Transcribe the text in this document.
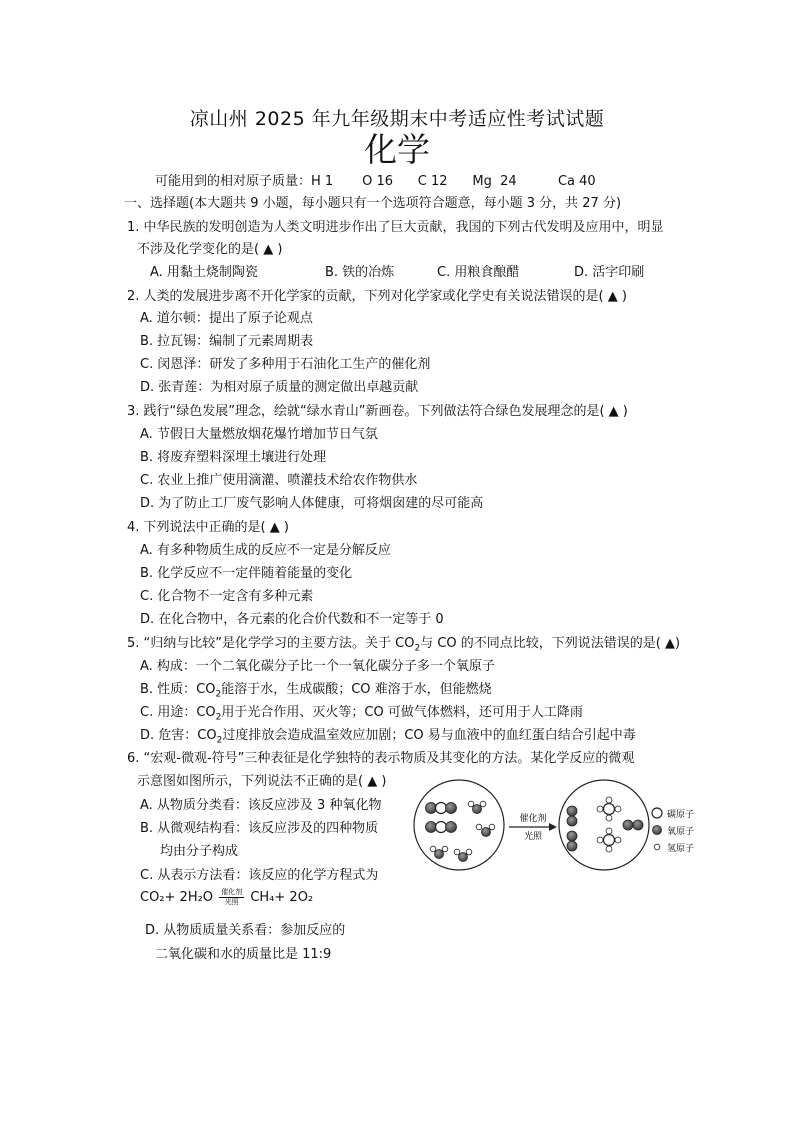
凉山州 2025 年九年级期末中考适应性考试试题
化学
可能用到的相对原子质量：H 1       O 16      C 12      Mg  24          Ca 40
一、选择题(本大题共 9 小题，每小题只有一个选项符合题意，每小题 3 分，共 27 分)
1. 中华民族的发明创造为人类文明进步作出了巨大贡献，我国的下列古代发明及应用中，明显
不涉及化学变化的是( ▲ )
A. 用黏土烧制陶瓷	B. 铁的冶炼	C. 用粮食酿醋	D. 活字印刷
2. 人类的发展进步离不开化学家的贡献，下列对化学家或化学史有关说法错误的是( ▲ )
A. 道尔顿：提出了原子论观点
B. 拉瓦锡：编制了元素周期表
C. 闵恩泽：研发了多种用于石油化工生产的催化剂
D. 张青莲：为相对原子质量的测定做出卓越贡献
3. 践行“绿色发展”理念，绘就“绿水青山”新画卷。下列做法符合绿色发展理念的是( ▲ )
A. 节假日大量燃放烟花爆竹增加节日气氛
B. 将废弃塑料深埋土壤进行处理
C. 农业上推广使用滴灌、喷灌技术给农作物供水
D. 为了防止工厂废气影响人体健康，可将烟囱建的尽可能高
4. 下列说法中正确的是( ▲ )
A. 有多种物质生成的反应不一定是分解反应
B. 化学反应不一定伴随着能量的变化
C. 化合物不一定含有多种元素
D. 在化合物中，各元素的化合价代数和不一定等于 0
5. “归纳与比较”是化学学习的主要方法。关于 $CO_2$与 CO 的不同点比较，下列说法错误的是( ▲)
A. 构成：一个二氧化碳分子比一个一氧化碳分子多一个氧原子
B. 性质：$CO_2$能溶于水，生成碳酸；CO 难溶于水，但能燃烧
C. 用途：$CO_2$用于光合作用、灭火等；CO 可做气体燃料，还可用于人工降雨
D. 危害：$CO_2$过度排放会造成温室效应加剧；CO 易与血液中的血红蛋白结合引起中毒
6. “宏观-微观-符号”三种表征是化学独特的表示物质及其变化的方法。某化学反应的微观
示意图如图所示，下列说法不正确的是( ▲ )
A. 从物质分类看：该反应涉及 3 种氧化物
B. 从微观结构看：该反应涉及的四种物质
均由分子构成
C. 从表示方法看：该反应的化学方程式为
$CO_2+ 2H_2O \frac{\text{催化剂}}{\text{光照}} CH_4+ 2O_2$
D. 从物质质量关系看：参加反应的
二氧化碳和水的质量比是 11:9
催化剂
光照
碳原子
氧原子
氢原子
